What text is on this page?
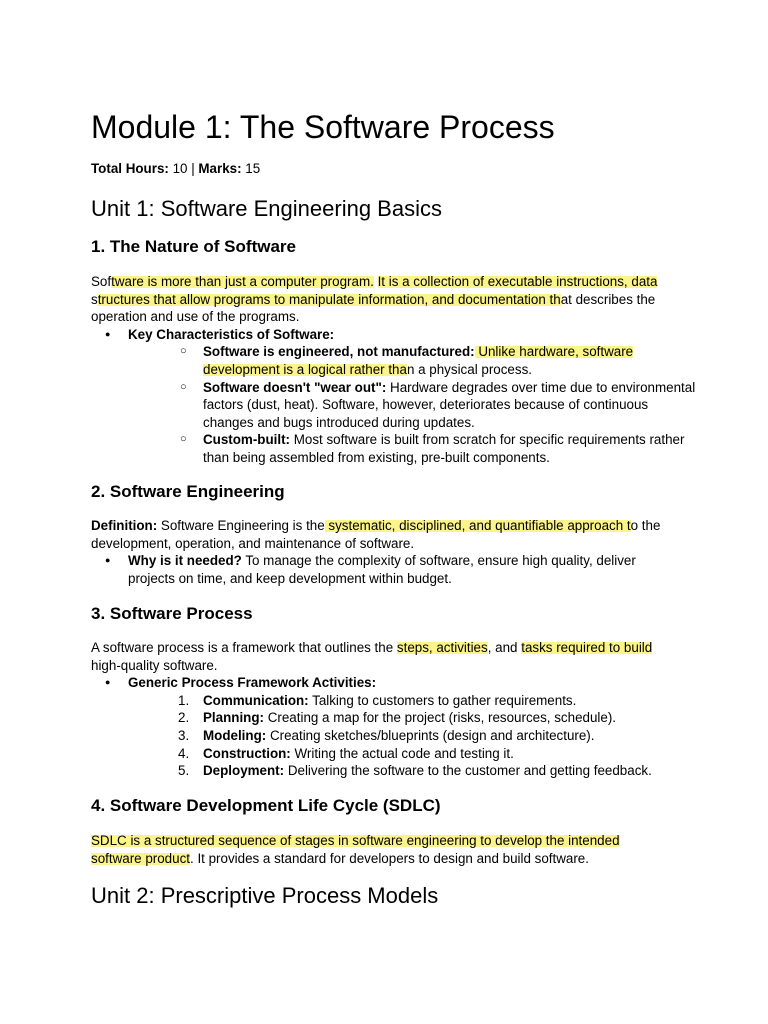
Module 1: The Software Process
Total Hours: 10 | Marks: 15
Unit 1: Software Engineering Basics
1. The Nature of Software
Software is more than just a computer program. It is a collection of executable instructions, data
structures that allow programs to manipulate information, and documentation that describes the
operation and use of the programs.
● Key Characteristics of Software:
○ Software is engineered, not manufactured: Unlike hardware, software
development is a logical rather than a physical process.
○ Software doesn't "wear out": Hardware degrades over time due to environmental
factors (dust, heat). Software, however, deteriorates because of continuous
changes and bugs introduced during updates.
○ Custom-built: Most software is built from scratch for specific requirements rather
than being assembled from existing, pre-built components.
2. Software Engineering
Definition: Software Engineering is the systematic, disciplined, and quantifiable approach to the
development, operation, and maintenance of software.
● Why is it needed? To manage the complexity of software, ensure high quality, deliver
projects on time, and keep development within budget.
3. Software Process
A software process is a framework that outlines the steps, activities, and tasks required to build
high-quality software.
● Generic Process Framework Activities:
1. Communication: Talking to customers to gather requirements.
2. Planning: Creating a map for the project (risks, resources, schedule).
3. Modeling: Creating sketches/blueprints (design and architecture).
4. Construction: Writing the actual code and testing it.
5. Deployment: Delivering the software to the customer and getting feedback.
4. Software Development Life Cycle (SDLC)
SDLC is a structured sequence of stages in software engineering to develop the intended
software product. It provides a standard for developers to design and build software.
Unit 2: Prescriptive Process Models
